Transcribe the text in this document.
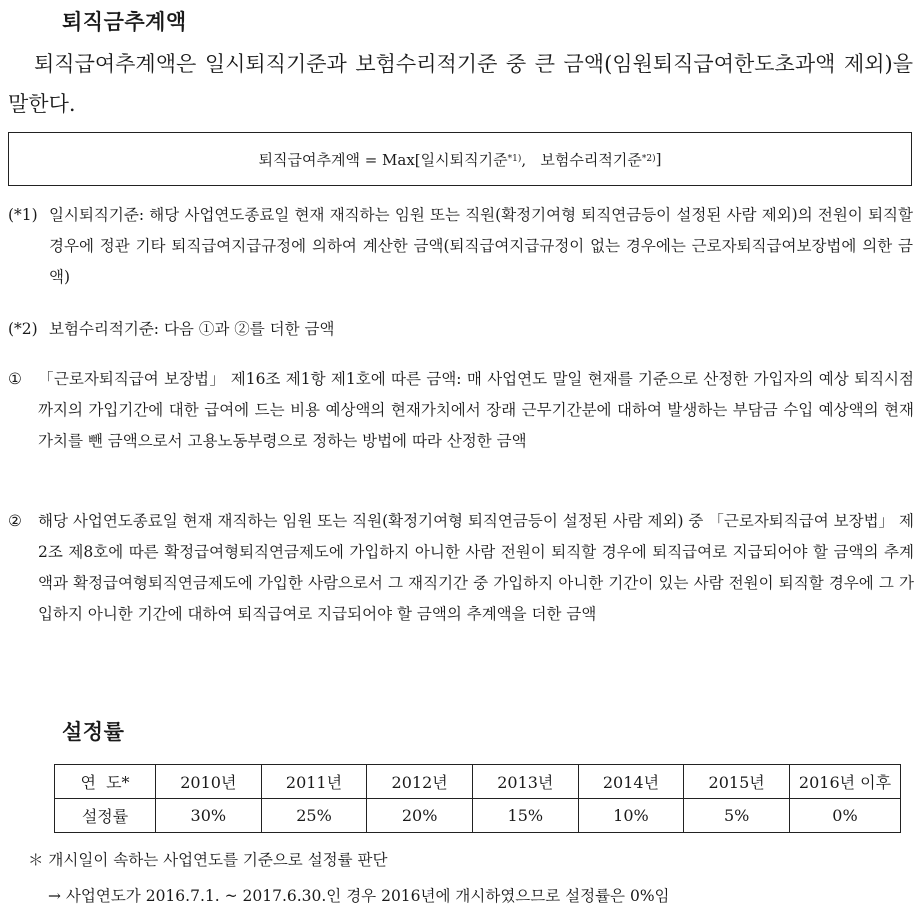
퇴직금추계액
퇴직급여추계액은 일시퇴직기준과 보험수리적기준 중 큰 금액(임원퇴직급여한도초과액 제외)을 말한다.
퇴직급여추계액 = Max[일시퇴직기준 *1) ,   보험수리적기준 *2) ]
(*1) 일시퇴직기준: 해당 사업연도종료일 현재 재직하는 임원 또는 직원(확정기여형 퇴직연금등이 설정된 사람 제외)의 전원이 퇴직할 경우에 정관 기타 퇴직급여지급규정에 의하여 계산한 금액(퇴직급여지급규정이 없는 경우에는 근로자퇴직급여보장법에 의한 금액)
(*2) 보험수리적기준: 다음 ①과 ②를 더한 금액
①	「근로자퇴직급여 보장법」 제16조 제1항 제1호에 따른 금액: 매 사업연도 말일 현재를 기준으로 산정한 가입자의 예상 퇴직시점까지의 가입기간에 대한 급여에 드는 비용 예상액의 현재가치에서 장래 근무기간분에 대하여 발생하는 부담금 수입 예상액의 현재가치를 뺀 금액으로서 고용노동부령으로 정하는 방법에 따라 산정한 금액
②	해당 사업연도종료일 현재 재직하는 임원 또는 직원(확정기여형 퇴직연금등이 설정된 사람 제외) 중 「근로자퇴직급여 보장법」 제2조 제8호에 따른 확정급여형퇴직연금제도에 가입하지 아니한 사람 전원이 퇴직할 경우에 퇴직급여로 지급되어야 할 금액의 추계액과 확정급여형퇴직연금제도에 가입한 사람으로서 그 재직기간 중 가입하지 아니한 기간이 있는 사람 전원이 퇴직할 경우에 그 가입하지 아니한 기간에 대하여 퇴직급여로 지급되어야 할 금액의 추계액을 더한 금액
설정률
연  도*	2010년	2011년	2012년	2013년	2014년	2015년	2016년 이후
설정률	30%	25%	20%	15%	10%	5%	0%
＊ 개시일이 속하는 사업연도를 기준으로 설정률 판단
→ 사업연도가 2016.7.1. ~ 2017.6.30.인 경우 2016년에 개시하였으므로 설정률은 0%임
